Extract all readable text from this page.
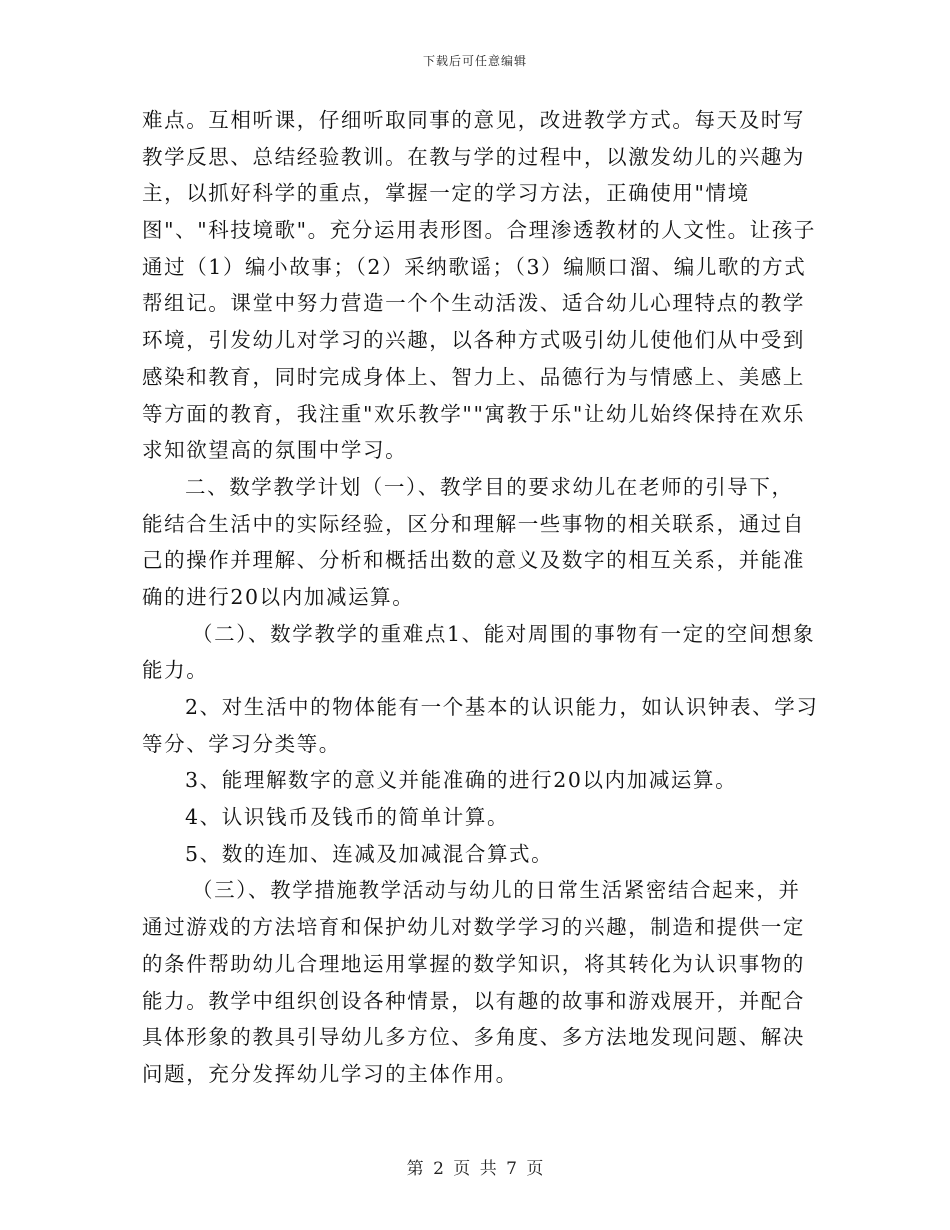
下载后可任意编辑
难点。互相听课，仔细听取同事的意见，改进教学方式。每天及时写
教学反思、总结经验教训。在教与学的过程中，以激发幼儿的兴趣为
主，以抓好科学的重点，掌握一定的学习方法，正确使用"情境
图"、"科技境歌"。充分运用表形图。合理渗透教材的人文性。让孩子
通过（1）编小故事；（2）采纳歌谣；（3）编顺口溜、编儿歌的方式
帮组记。课堂中努力营造一个个生动活泼、适合幼儿心理特点的教学
环境，引发幼儿对学习的兴趣，以各种方式吸引幼儿使他们从中受到
感染和教育，同时完成身体上、智力上、品德行为与情感上、美感上
等方面的教育，我注重"欢乐教学""寓教于乐"让幼儿始终保持在欢乐
求知欲望高的氛围中学习。
二、数学教学计划（一）、教学目的要求幼儿在老师的引导下，
能结合生活中的实际经验，区分和理解一些事物的相关联系，通过自
己的操作并理解、分析和概括出数的意义及数字的相互关系，并能准
确的进行20以内加减运算。
（二）、数学教学的重难点1、能对周围的事物有一定的空间想象
能力。
2、对生活中的物体能有一个基本的认识能力，如认识钟表、学习
等分、学习分类等。
3、能理解数字的意义并能准确的进行20以内加减运算。
4、认识钱币及钱币的简单计算。
5、数的连加、连减及加减混合算式。
（三）、教学措施教学活动与幼儿的日常生活紧密结合起来，并
通过游戏的方法培育和保护幼儿对数学学习的兴趣，制造和提供一定
的条件帮助幼儿合理地运用掌握的数学知识，将其转化为认识事物的
能力。教学中组织创设各种情景，以有趣的故事和游戏展开，并配合
具体形象的教具引导幼儿多方位、多角度、多方法地发现问题、解决
问题，充分发挥幼儿学习的主体作用。
第 2 页 共 7 页
